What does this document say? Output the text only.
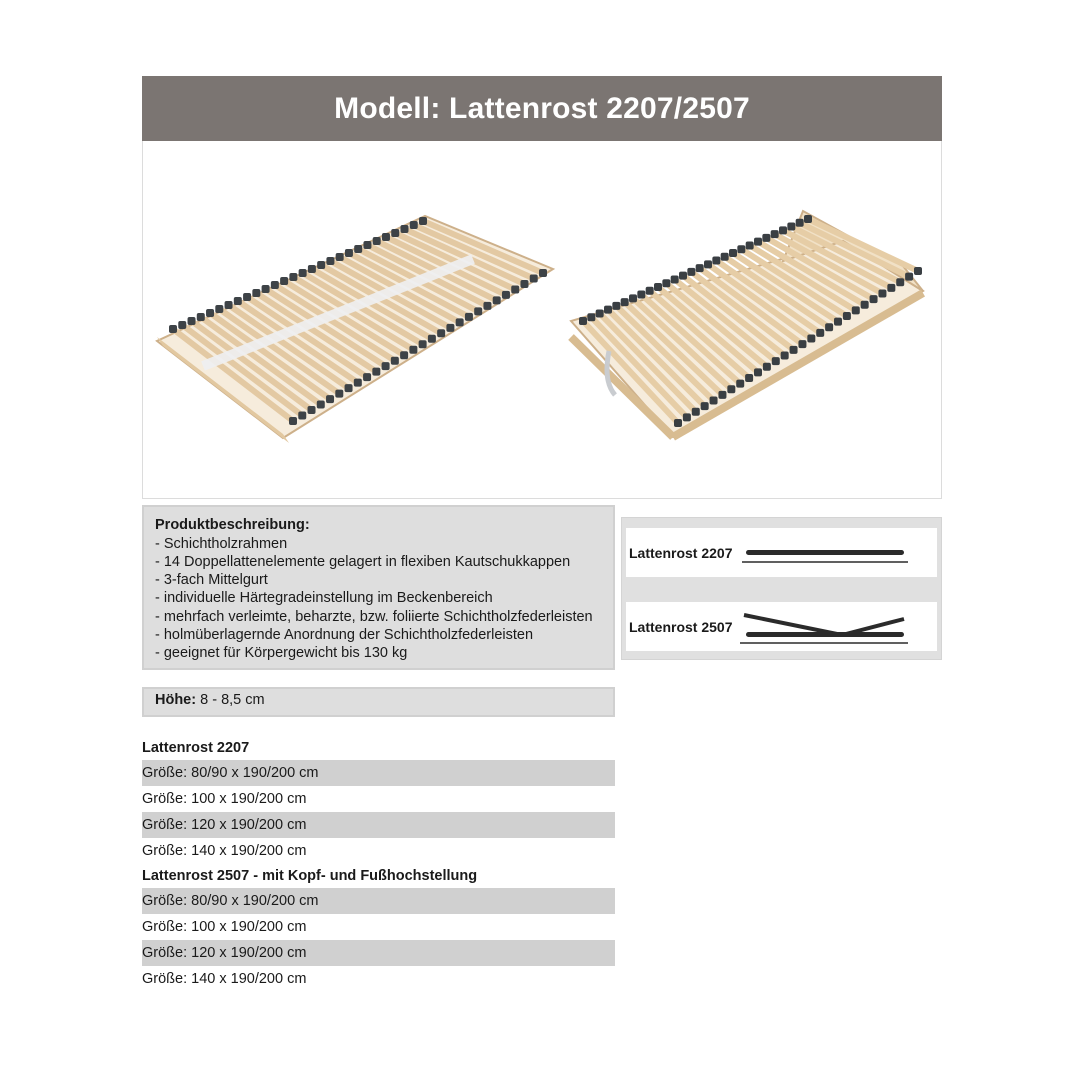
Modell: Lattenrost 2207/2507
Produktbeschreibung:
- Schichtholzrahmen
- 14 Doppellattenelemente gelagert in flexiben Kautschukkappen
- 3-fach Mittelgurt
- individuelle Härtegradeinstellung im Beckenbereich
- mehrfach verleimte, beharzte, bzw. foliierte Schichtholzfederleisten
- holmüberlagernde Anordnung der Schichtholzfederleisten
- geeignet für Körpergewicht bis 130 kg
Höhe: 8 - 8,5 cm
Lattenrost 2207
Lattenrost 2507
Lattenrost 2207
Größe: 80/90 x 190/200 cm
Größe: 100 x 190/200 cm
Größe: 120 x 190/200 cm
Größe: 140 x 190/200 cm
Lattenrost 2507 - mit Kopf- und Fußhochstellung
Größe: 80/90 x 190/200 cm
Größe: 100 x 190/200 cm
Größe: 120 x 190/200 cm
Größe: 140 x 190/200 cm
